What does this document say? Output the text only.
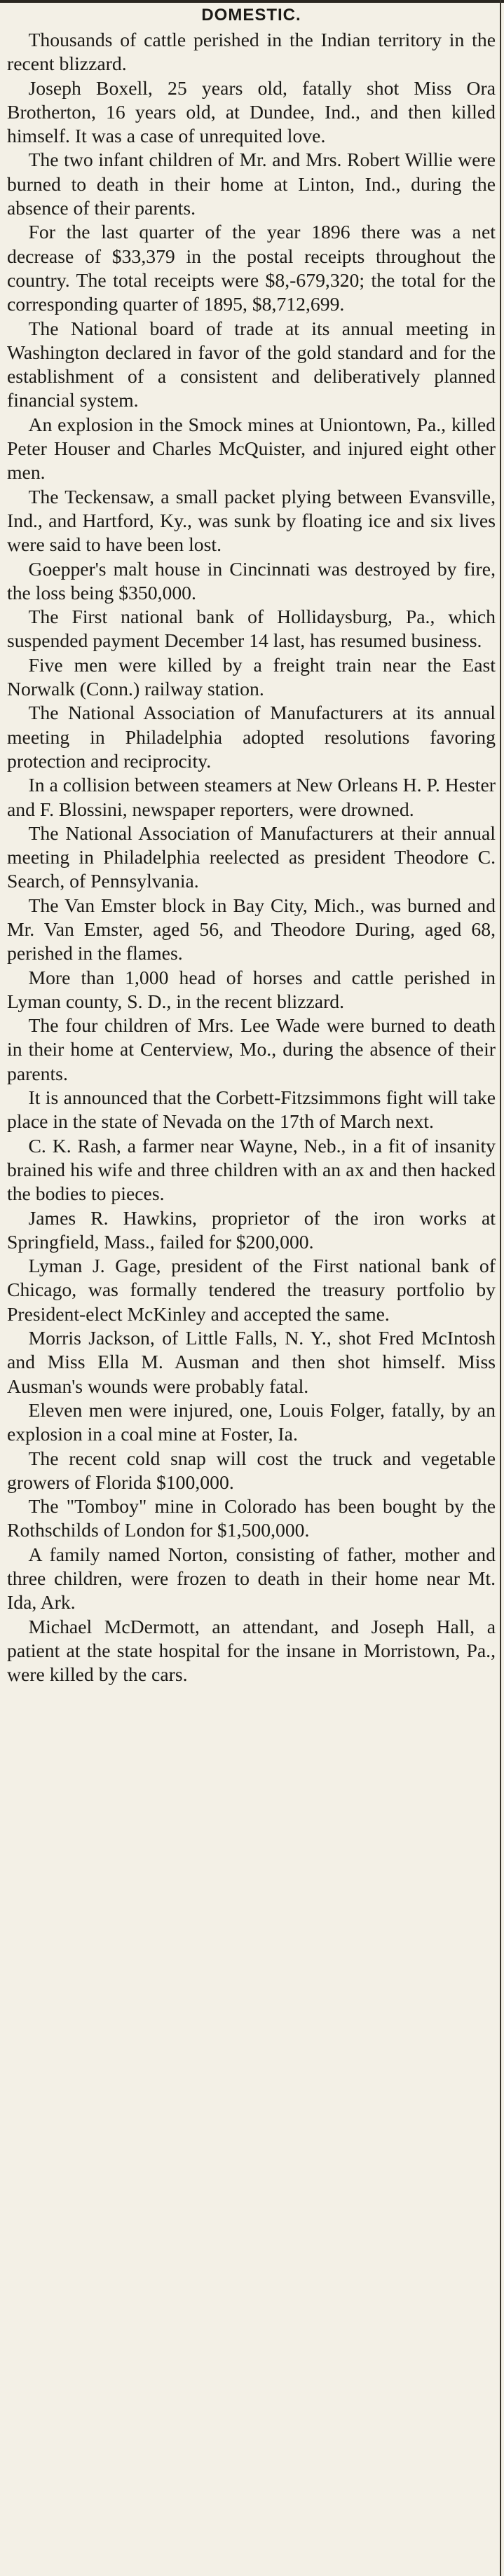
DOMESTIC.

Thousands of cattle perished in the Indian territory in the recent blizzard.

Joseph Boxell, 25 years old, fatally shot Miss Ora Brotherton, 16 years old, at Dundee, Ind., and then killed himself. It was a case of unrequited love.

The two infant children of Mr. and Mrs. Robert Willie were burned to death in their home at Linton, Ind., during the absence of their parents.

For the last quarter of the year 1896 there was a net decrease of $33,379 in the postal receipts throughout the country. The total receipts were $8,-679,320; the total for the corresponding quarter of 1895, $8,712,699.

The National board of trade at its annual meeting in Washington declared in favor of the gold standard and for the establishment of a consistent and deliberatively planned financial system.

An explosion in the Smock mines at Uniontown, Pa., killed Peter Houser and Charles McQuister, and injured eight other men.

The Teckensaw, a small packet plying between Evansville, Ind., and Hartford, Ky., was sunk by floating ice and six lives were said to have been lost.

Goepper's malt house in Cincinnati was destroyed by fire, the loss being $350,000.

The First national bank of Hollidaysburg, Pa., which suspended payment December 14 last, has resumed business.

Five men were killed by a freight train near the East Norwalk (Conn.) railway station.

The National Association of Manufacturers at its annual meeting in Philadelphia adopted resolutions favoring protection and reciprocity.

In a collision between steamers at New Orleans H. P. Hester and F. Blossini, newspaper reporters, were drowned.

The National Association of Manufacturers at their annual meeting in Philadelphia reelected as president Theodore C. Search, of Pennsylvania.

The Van Emster block in Bay City, Mich., was burned and Mr. Van Emster, aged 56, and Theodore During, aged 68, perished in the flames.

More than 1,000 head of horses and cattle perished in Lyman county, S. D., in the recent blizzard.

The four children of Mrs. Lee Wade were burned to death in their home at Centerview, Mo., during the absence of their parents.

It is announced that the Corbett-Fitzsimmons fight will take place in the state of Nevada on the 17th of March next.

C. K. Rash, a farmer near Wayne, Neb., in a fit of insanity brained his wife and three children with an ax and then hacked the bodies to pieces.

James R. Hawkins, proprietor of the iron works at Springfield, Mass., failed for $200,000.

Lyman J. Gage, president of the First national bank of Chicago, was formally tendered the treasury portfolio by President-elect McKinley and accepted the same.

Morris Jackson, of Little Falls, N. Y., shot Fred McIntosh and Miss Ella M. Ausman and then shot himself. Miss Ausman's wounds were probably fatal.

Eleven men were injured, one, Louis Folger, fatally, by an explosion in a coal mine at Foster, Ia.

The recent cold snap will cost the truck and vegetable growers of Florida $100,000.

The "Tomboy" mine in Colorado has been bought by the Rothschilds of London for $1,500,000.

A family named Norton, consisting of father, mother and three children, were frozen to death in their home near Mt. Ida, Ark.

Michael McDermott, an attendant, and Joseph Hall, a patient at the state hospital for the insane in Morristown, Pa., were killed by the cars.
